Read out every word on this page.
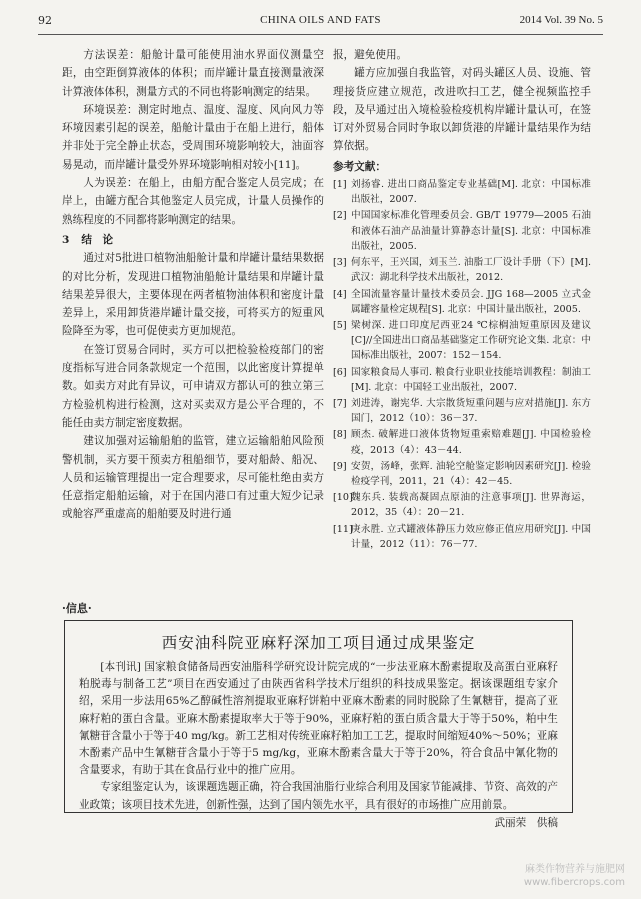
92	CHINA OILS AND FATS	2014 Vol. 39 No. 5

方法误差：船舱计量可能使用油水界面仪测量空距，由空距倒算液体的体积；而岸罐计量直接测量液深计算液体体积，测量方式的不同也将影响测定的结果。

环境误差：测定时地点、温度、湿度、风向风力等环境因素引起的误差，船舱计量由于在船上进行，船体并非处于完全静止状态，受周围环境影响较大，油面容易晃动，而岸罐计量受外界环境影响相对较小[11]。

人为误差：在船上，由船方配合鉴定人员完成；在岸上，由罐方配合其他鉴定人员完成，计量人员操作的熟练程度的不同都将影响测定的结果。

3 结　论

通过对5批进口植物油船舱计量和岸罐计量结果数据的对比分析，发现进口植物油船舱计量结果和岸罐计量结果差异很大，主要体现在两者植物油体积和密度计量差异上，采用卸货港岸罐计量交接，可将买方的短重风险降至为零，也可促使卖方更加规范。

在签订贸易合同时，买方可以把检验检疫部门的密度指标写进合同条款规定一个范围，以此密度计算提单数。如卖方对此有异议，可申请双方都认可的独立第三方检验机构进行检测，这对买卖双方是公平合理的，不能任由卖方制定密度数据。

建议加强对运输船舶的监管，建立运输船舶风险预警机制，买方要干预卖方租船细节，要对船龄、船况、人员和运输管理提出一定合理要求，尽可能杜绝由卖方任意指定船舶运输，对于在国内港口有过重大短少记录或舱容严重虚高的船舶要及时进行通

报，避免使用。

罐方应加强自我监管，对码头罐区人员、设施、管理接货应建立规范，改进吹扫工艺，健全视频监控手段，及早通过出入境检验检疫机构岸罐计量认可，在签订对外贸易合同时争取以卸货港的岸罐计量结果作为结算依据。

参考文献：
[1] 刘扬睿. 进出口商品鉴定专业基础[M]. 北京：中国标准出版社，2007.
[2] 中国国家标准化管理委员会. GB/T 19779—2005 石油和液体石油产品油量计算静态计量[S]. 北京：中国标准出版社，2005.
[3] 何东平，王兴国，刘玉兰. 油脂工厂设计手册（下）[M]. 武汉：湖北科学技术出版社，2012.
[4] 全国流量容量计量技术委员会. JJG 168—2005 立式金属罐容量检定规程[S]. 北京：中国计量出版社，2005.
[5] 梁树深. 进口印度尼西亚24 ℃棕榈油短重原因及建议[C]//全国进出口商品基础鉴定工作研究论文集. 北京：中国标准出版社，2007：152－154.
[6] 国家粮食局人事司. 粮食行业职业技能培训教程：制油工[M]. 北京：中国轻工业出版社，2007.
[7] 刘进涛，谢宪华. 大宗散货短重问题与应对措施[J]. 东方国门，2012（10）：36－37.
[8] 顾杰. 破解进口液体货物短重索赔难题[J]. 中国检验检疫，2013（4）：43－44.
[9] 安贺，汤峰，张辉. 油轮空舱鉴定影响因素研究[J]. 检验检疫学刊，2011，21（4）：42－45.
[10]
魏东兵. 装载高凝固点原油的注意事项[J]. 世界海运，2012，35（4）：20－21.
[11]
庚永胜. 立式罐液体静压力效应修正值应用研究[J]. 中国计量，2012（11）：76－77.
·信息·
西安油科院亚麻籽深加工项目通过成果鉴定

[本刊讯] 国家粮食储备局西安油脂科学研究设计院完成的“一步法亚麻木酚素提取及高蛋白亚麻籽粕脱毒与制备工艺”项目在西安通过了由陕西省科学技术厅组织的科技成果鉴定。据该课题组专家介绍，采用一步法用65%乙醇碱性溶剂提取亚麻籽饼粕中亚麻木酚素的同时脱除了生氰糖苷，提高了亚麻籽粕的蛋白含量。亚麻木酚素提取率大于等于90%，亚麻籽粕的蛋白质含量大于等于50%，粕中生氰糖苷含量小于等于40 mg/kg。新工艺相对传统亚麻籽粕加工工艺，提取时间缩短40%～50%；亚麻木酚素产品中生氰糖苷含量小于等于5 mg/kg，亚麻木酚素含量大于等于20%，符合食品中氰化物的含量要求，有助于其在食品行业中的推广应用。

专家组鉴定认为，该课题选题正确，符合我国油脂行业综合利用及国家节能减排、节资、高效的产业政策；该项目技术先进，创新性强，达到了国内领先水平，具有很好的市场推广应用前景。

武丽荣　供稿
麻类作物营养与施肥网
www.fibercrops.com
